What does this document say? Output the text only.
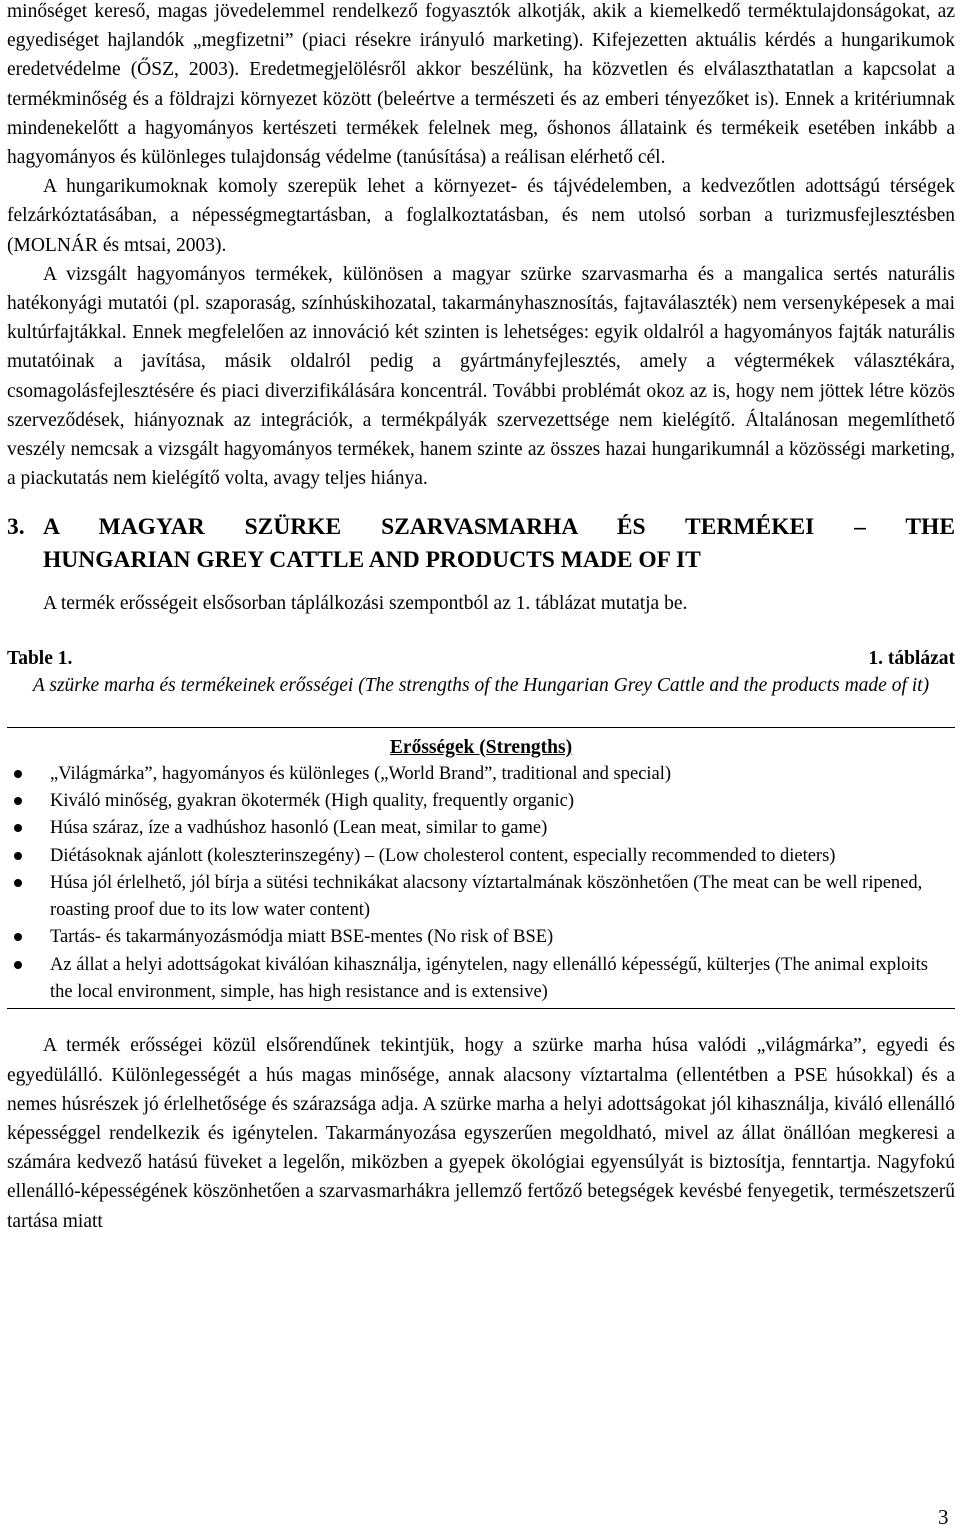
minőséget kereső, magas jövedelemmel rendelkező fogyasztók alkotják, akik a kiemelkedő terméktulajdonságokat, az egyediséget hajlandók „megfizetni” (piaci résekre irányuló marketing). Kifejezetten aktuális kérdés a hungarikumok eredetvédelme (ŐSZ, 2003). Eredetmegjelölésről akkor beszélünk, ha közvetlen és elválaszthatatlan a kapcsolat a termékminőség és a földrajzi környezet között (beleértve a természeti és az emberi tényezőket is). Ennek a kritériumnak mindenekelőtt a hagyományos kertészeti termékek felelnek meg, őshonos állataink és termékeik esetében inkább a hagyományos és különleges tulajdonság védelme (tanúsítása) a reálisan elérhető cél.

A hungarikumoknak komoly szerepük lehet a környezet- és tájvédelemben, a kedvezőtlen adottságú térségek felzárkóztatásában, a népességmegtartásban, a foglalkoztatásban, és nem utolsó sorban a turizmusfejlesztésben (MOLNÁR és mtsai, 2003).

A vizsgált hagyományos termékek, különösen a magyar szürke szarvasmarha és a mangalica sertés naturális hatékonyági mutatói (pl. szaporaság, színhúskihozatal, takarmányhasznosítás, fajtaválaszték) nem versenyképesek a mai kultúrfajtákkal. Ennek megfelelően az innováció két szinten is lehetséges: egyik oldalról a hagyományos fajták naturális mutatóinak a javítása, másik oldalról pedig a gyártmányfejlesztés, amely a végtermékek választékára, csomagolásfejlesztésére és piaci diverzifikálására koncentrál. További problémát okoz az is, hogy nem jöttek létre közös szerveződések, hiányoznak az integrációk, a termékpályák szervezettsége nem kielégítő. Általánosan megemlíthető veszély nemcsak a vizsgált hagyományos termékek, hanem szinte az összes hazai hungarikumnál a közösségi marketing, a piackutatás nem kielégítő volta, avagy teljes hiánya.

3. A MAGYAR SZÜRKE SZARVASMARHA ÉS TERMÉKEI – THE
HUNGARIAN GREY CATTLE AND PRODUCTS MADE OF IT

A termék erősségeit elsősorban táplálkozási szempontból az 1. táblázat mutatja be.

Table 1.	1. táblázat

A szürke marha és termékeinek erősségei (The strengths of the Hungarian Grey Cattle and the products made of it)

Erősségek (Strengths)
„Világmárka”, hagyományos és különleges („World Brand”, traditional and special)
Kiváló minőség, gyakran ökotermék (High quality, frequently organic)
Húsa száraz, íze a vadhúshoz hasonló (Lean meat, similar to game)
Diétásoknak ajánlott (koleszterinszegény) – (Low cholesterol content, especially recommended to dieters)
Húsa jól érlelhető, jól bírja a sütési technikákat alacsony víztartalmának köszönhetően (The meat can be well ripened, roasting proof due to its low water content)
Tartás- és takarmányozásmódja miatt BSE-mentes (No risk of BSE)
Az állat a helyi adottságokat kiválóan kihasználja, igénytelen, nagy ellenálló képességű, külterjes (The animal exploits the local environment, simple, has high resistance and is extensive)

A termék erősségei közül elsőrendűnek tekintjük, hogy a szürke marha húsa valódi „világmárka”, egyedi és egyedülálló. Különlegességét a hús magas minősége, annak alacsony víztartalma (ellentétben a PSE húsokkal) és a nemes húsrészek jó érlelhetősége és szárazsága adja. A szürke marha a helyi adottságokat jól kihasználja, kiváló ellenálló képességgel rendelkezik és igénytelen. Takarmányozása egyszerűen megoldható, mivel az állat önállóan megkeresi a számára kedvező hatású füveket a legelőn, miközben a gyepek ökológiai egyensúlyát is biztosítja, fenntartja. Nagyfokú ellenálló-képességének köszönhetően a szarvasmarhákra jellemző fertőző betegségek kevésbé fenyegetik, természetszerű tartása miatt

3
